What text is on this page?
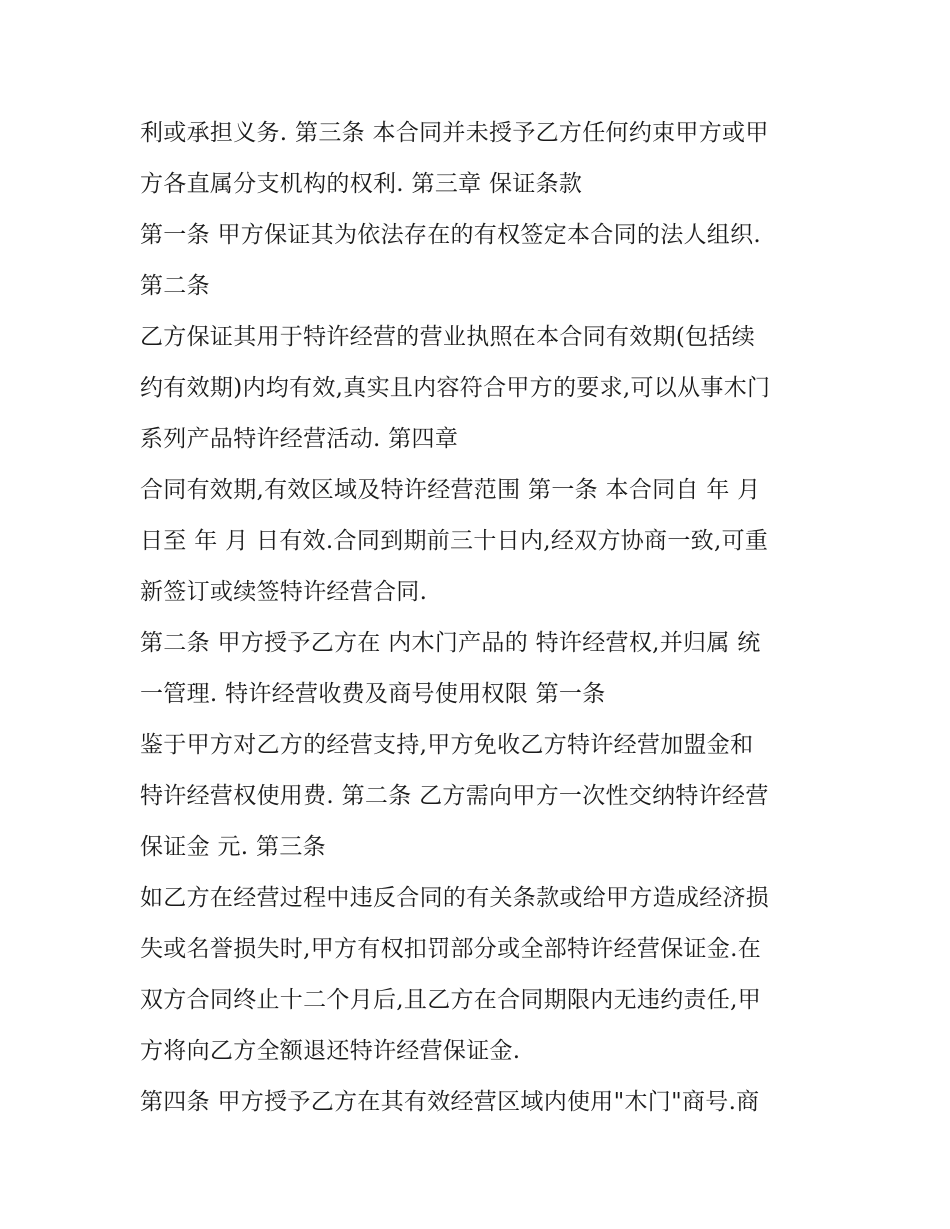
利或承担义务. 第三条 本合同并未授予乙方任何约束甲方或甲
方各直属分支机构的权利. 第三章 保证条款
第一条 甲方保证其为依法存在的有权签定本合同的法人组织.
第二条
乙方保证其用于特许经营的营业执照在本合同有效期(包括续
约有效期)内均有效,真实且内容符合甲方的要求,可以从事木门
系列产品特许经营活动. 第四章
合同有效期,有效区域及特许经营范围 第一条 本合同自 年 月
日至 年 月 日有效.合同到期前三十日内,经双方协商一致,可重
新签订或续签特许经营合同.
第二条 甲方授予乙方在 内木门产品的 特许经营权,并归属 统
一管理. 特许经营收费及商号使用权限 第一条
鉴于甲方对乙方的经营支持,甲方免收乙方特许经营加盟金和
特许经营权使用费. 第二条 乙方需向甲方一次性交纳特许经营
保证金 元. 第三条
如乙方在经营过程中违反合同的有关条款或给甲方造成经济损
失或名誉损失时,甲方有权扣罚部分或全部特许经营保证金.在
双方合同终止十二个月后,且乙方在合同期限内无违约责任,甲
方将向乙方全额退还特许经营保证金.
第四条 甲方授予乙方在其有效经营区域内使用"木门"商号.商
